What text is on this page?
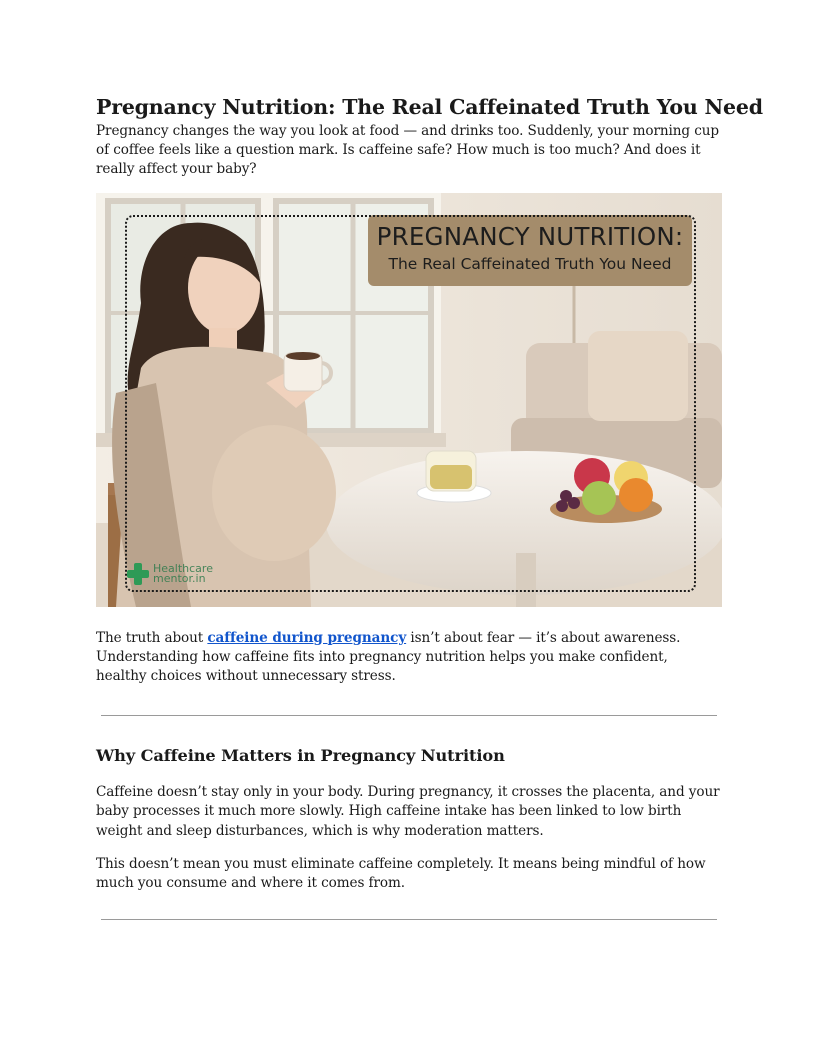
Pregnancy Nutrition: The Real Caffeinated Truth You Need

Pregnancy changes the way you look at food — and drinks too. Suddenly, your morning cup of coffee feels like a question mark. Is caffeine safe? How much is too much? And does it really affect your baby?

PREGNANCY NUTRITION:
The Real Caffeinated Truth You Need
Healthcare
mentor.in

The truth about caffeine during pregnancy isn’t about fear — it’s about awareness. Understanding how caffeine fits into pregnancy nutrition helps you make confident, healthy choices without unnecessary stress.

Why Caffeine Matters in Pregnancy Nutrition

Caffeine doesn’t stay only in your body. During pregnancy, it crosses the placenta, and your baby processes it much more slowly. High caffeine intake has been linked to low birth weight and sleep disturbances, which is why moderation matters.

This doesn’t mean you must eliminate caffeine completely. It means being mindful of how much you consume and where it comes from.
